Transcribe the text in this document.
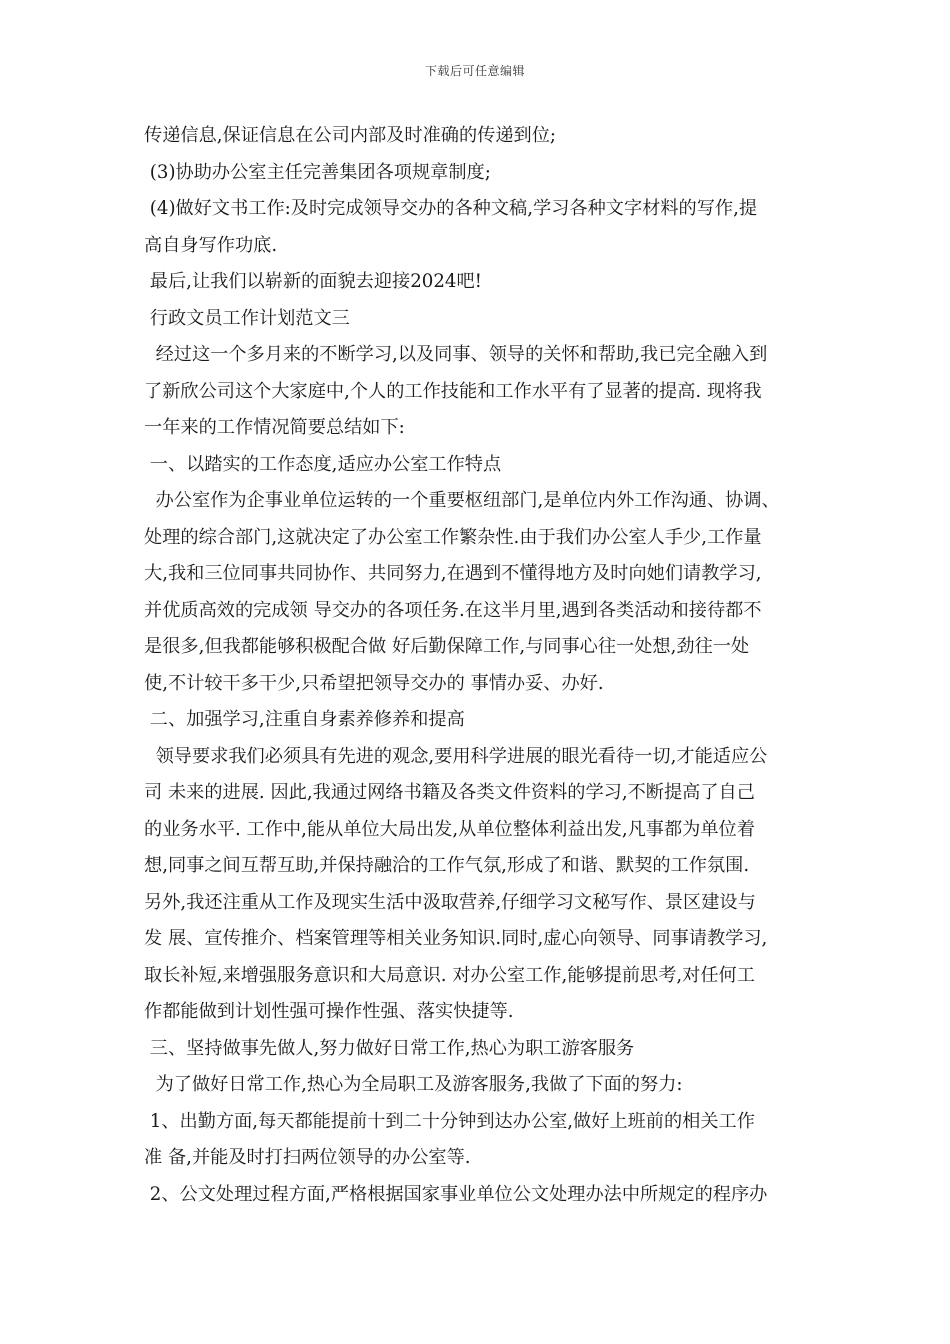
下载后可任意编辑
传递信息,保证信息在公司内部及时准确的传递到位;
(3)协助办公室主任完善集团各项规章制度;
(4)做好文书工作:及时完成领导交办的各种文稿,学习各种文字材料的写作,提
高自身写作功底.
最后,让我们以崭新的面貌去迎接2024吧!
行政文员工作计划范文三
经过这一个多月来的不断学习,以及同事、领导的关怀和帮助,我已完全融入到
了新欣公司这个大家庭中,个人的工作技能和工作水平有了显著的提高. 现将我
一年来的工作情况简要总结如下:
一、以踏实的工作态度,适应办公室工作特点
办公室作为企事业单位运转的一个重要枢纽部门,是单位内外工作沟通、协调、
处理的综合部门,这就决定了办公室工作繁杂性.由于我们办公室人手少,工作量
大,我和三位同事共同协作、共同努力,在遇到不懂得地方及时向她们请教学习,
并优质高效的完成领 导交办的各项任务.在这半月里,遇到各类活动和接待都不
是很多,但我都能够积极配合做 好后勤保障工作,与同事心往一处想,劲往一处
使,不计较干多干少,只希望把领导交办的 事情办妥、办好.
二、加强学习,注重自身素养修养和提高
领导要求我们必须具有先进的观念,要用科学进展的眼光看待一切,才能适应公
司 未来的进展. 因此,我通过网络书籍及各类文件资料的学习,不断提高了自己
的业务水平. 工作中,能从单位大局出发,从单位整体利益出发,凡事都为单位着
想,同事之间互帮互助,并保持融洽的工作气氛,形成了和谐、默契的工作氛围.
另外,我还注重从工作及现实生活中汲取营养,仔细学习文秘写作、景区建设与
发 展、宣传推介、档案管理等相关业务知识.同时,虚心向领导、同事请教学习,
取长补短,来增强服务意识和大局意识. 对办公室工作,能够提前思考,对任何工
作都能做到计划性强可操作性强、落实快捷等.
三、坚持做事先做人,努力做好日常工作,热心为职工游客服务
为了做好日常工作,热心为全局职工及游客服务,我做了下面的努力:
1、出勤方面,每天都能提前十到二十分钟到达办公室,做好上班前的相关工作
准 备,并能及时打扫两位领导的办公室等.
2、公文处理过程方面,严格根据国家事业单位公文处理办法中所规定的程序办
